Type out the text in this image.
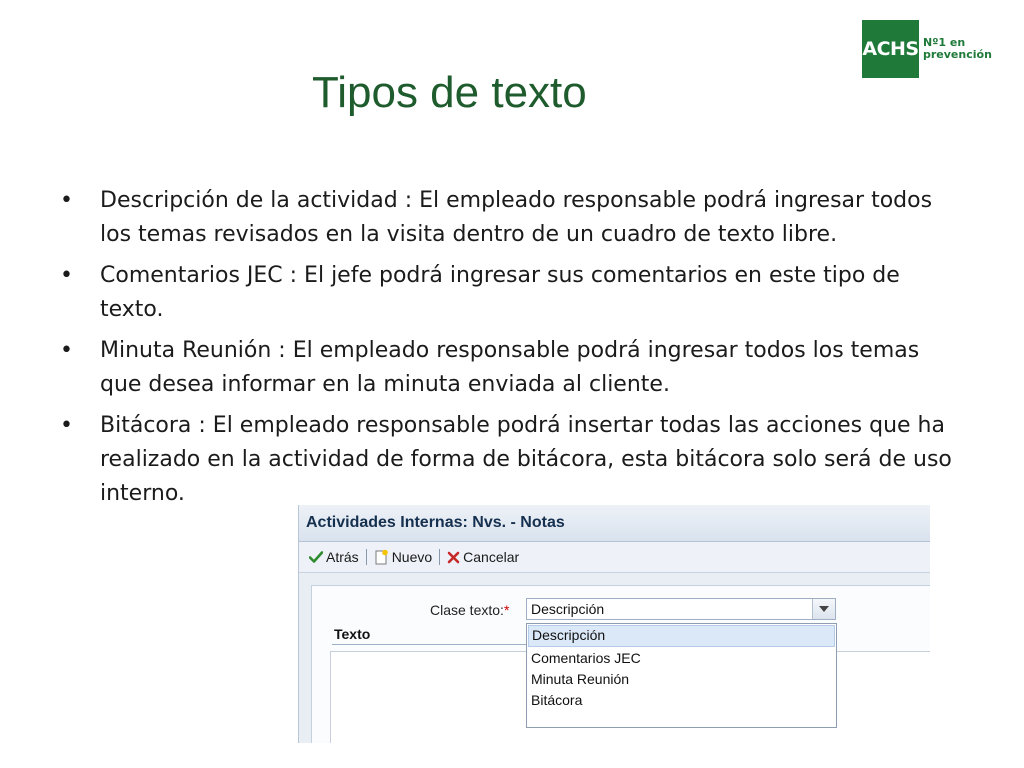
ACHS Nº1 en
prevención
Tipos de texto
• Descripción de la actividad : El empleado responsable podrá ingresar todos los temas revisados en la visita dentro de un cuadro de texto libre.
• Comentarios JEC : El jefe podrá ingresar sus comentarios en este tipo de texto.
• Minuta Reunión : El empleado responsable podrá ingresar todos los temas que desea informar en la minuta enviada al cliente.
• Bitácora : El empleado responsable podrá insertar todas las acciones que ha realizado en la actividad de forma de bitácora, esta bitácora solo será de uso interno.
Actividades Internas: Nvs. - Notas
Atrás Nuevo Cancelar
Clase texto:*	Descripción
Texto	Descripción
Comentarios JEC
Minuta Reunión
Bitácora
